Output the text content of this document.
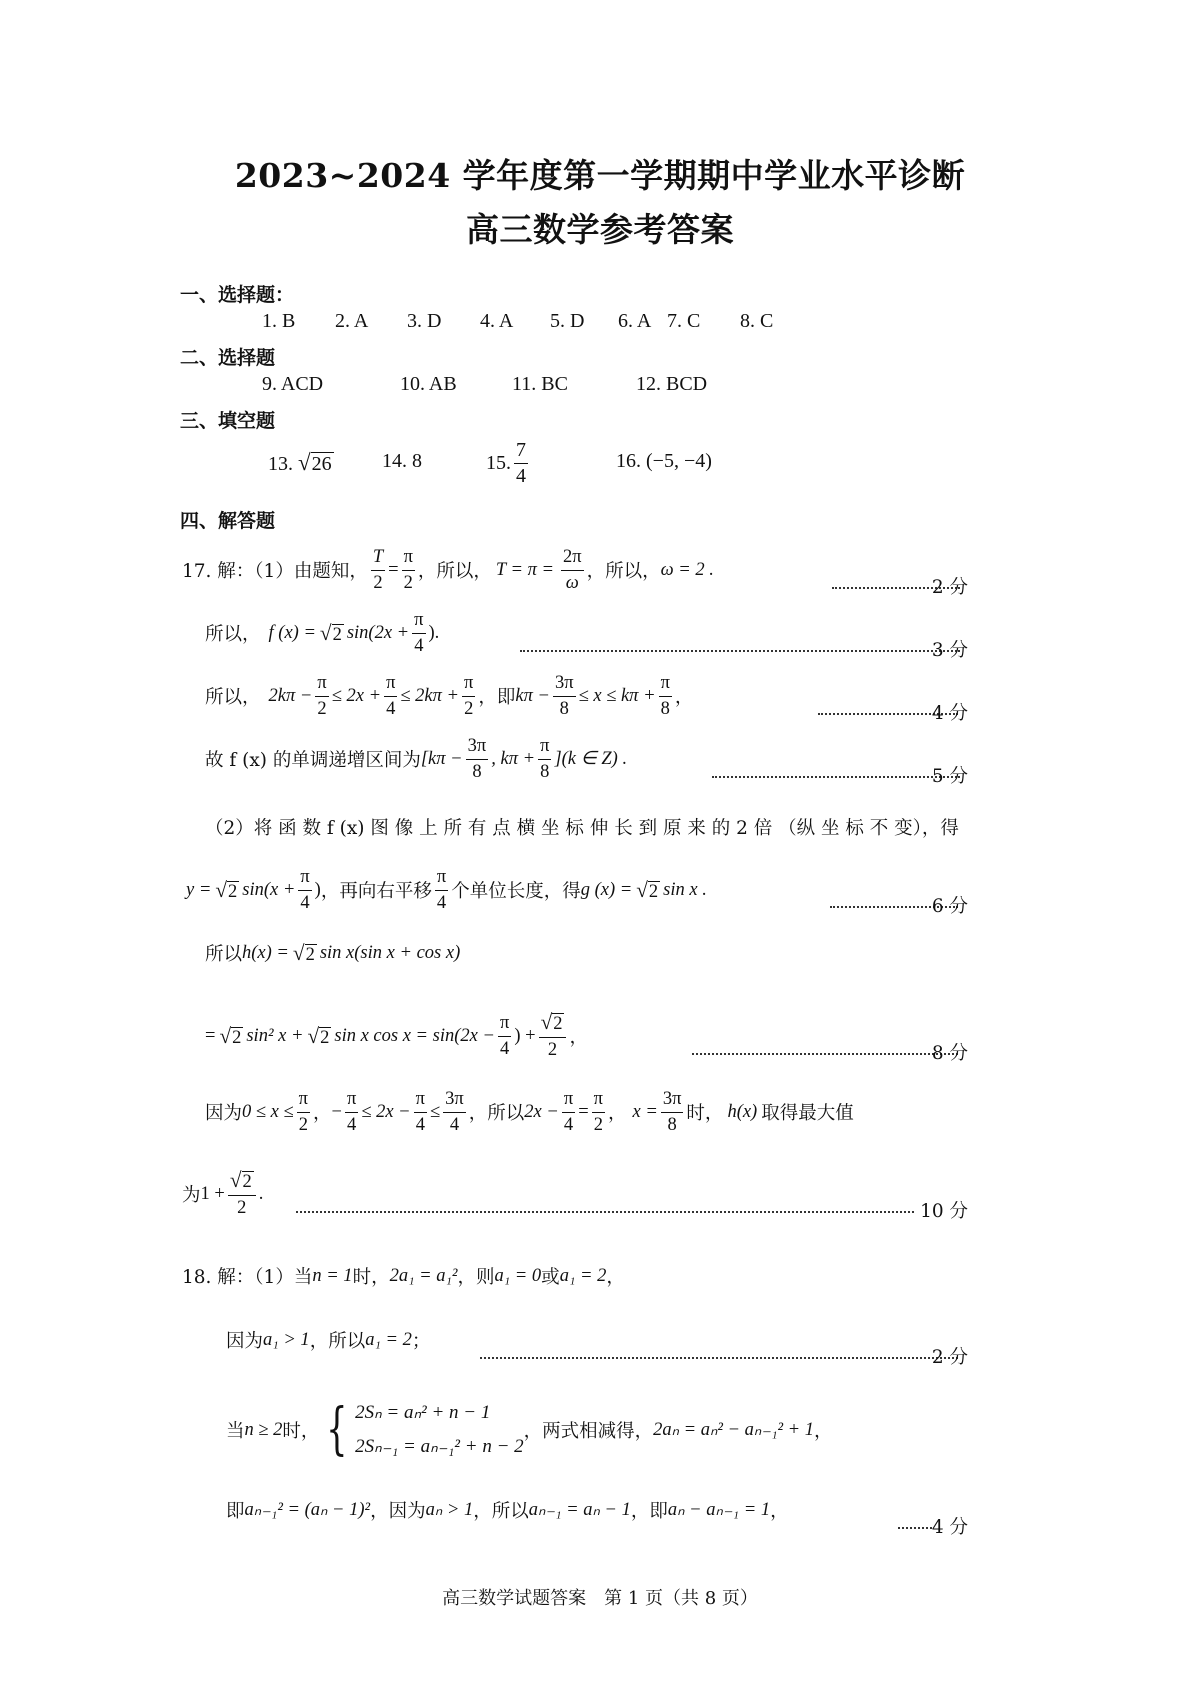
2023~2024 学年度第一学期期中学业水平诊断
高三数学参考答案
一、选择题：
1. B 2. A 3. D 4. A 5. D 6. A 7. C 8. C
二、选择题
9. ACD	10. AB	11. BC	12. BCD
三、填空题
13. √26	14. 8	15.
7
4
16. (−5, −4)
四、解答题
17. 解：（1）由题知， $\frac{T}{2} = \frac{\pi}{2}$ ，所以， $T = \pi = \frac{2\pi}{\omega}$ ，所以， ω = 2 .
2 分
所以， f (x) = √2 $\sin(2x + \frac{\pi}{4}$ ).
3 分
所以， $2k\pi - \frac{\pi}{2} \le 2x + \frac{\pi}{4} \le 2k\pi + \frac{\pi}{2}$ ，即 $k\pi - \frac{3\pi}{8} \le x \le k\pi + \frac{\pi}{8}$ ，
4 分
故 f (x) 的单调递增区间为 [$k\pi - \frac{3\pi}{8}$ , $k\pi + \frac{\pi}{8} ](k$ ∈ Z) .
5 分
（2）将 函 数 f (x) 图 像 上 所 有 点 横 坐 标 伸 长 到 原 来 的 2 倍 （纵 坐 标 不 变），得
y = √2 $\sin(x + \frac{\pi}{4}$ ) ，再向右平移
π
4
个单位长度，得 g (x) = √2 sin x .
6 分
所以 h(x) = √2 sin x(sin x + cos x)
= √2 sin² x + √2 sin x $\cos x = \sin(2x - \frac{\pi}{4}$ ) + $\frac{√2}{2}$ ，
8 分
因为 $0 \le x \le \frac{\pi}{2}$ ， − $\frac{\pi}{4} \le 2x - \frac{\pi}{4} \le \frac{3\pi}{4}$ ，所以 $2x - \frac{\pi}{4} = \frac{\pi}{2}$ ， $x = \frac{3\pi}{8}$ 时， h(x) 取得最大值
为 $1 + \frac{√2}{2}$ .
10 分
18. 解：（1）当 n = 1 时， 2a₁ = a₁² ，则 a₁ = 0 或 a₁ = 2 ，
因为 a₁ > 1 ，所以 a₁ = 2 ；
2 分
当 n ≥ 2 时， { 2Sₙ = aₙ² + n − 1
2Sₙ₋₁ = aₙ₋₁² + n − 2
，两式相减得， 2aₙ = aₙ² − aₙ₋₁² + 1 ，
即 aₙ₋₁² = (aₙ − 1)² ，因为 aₙ > 1 ，所以 aₙ₋₁ = aₙ − 1 ，即 aₙ − aₙ₋₁ = 1 ，
4 分
高三数学试题答案　第 1 页（共 8 页）
